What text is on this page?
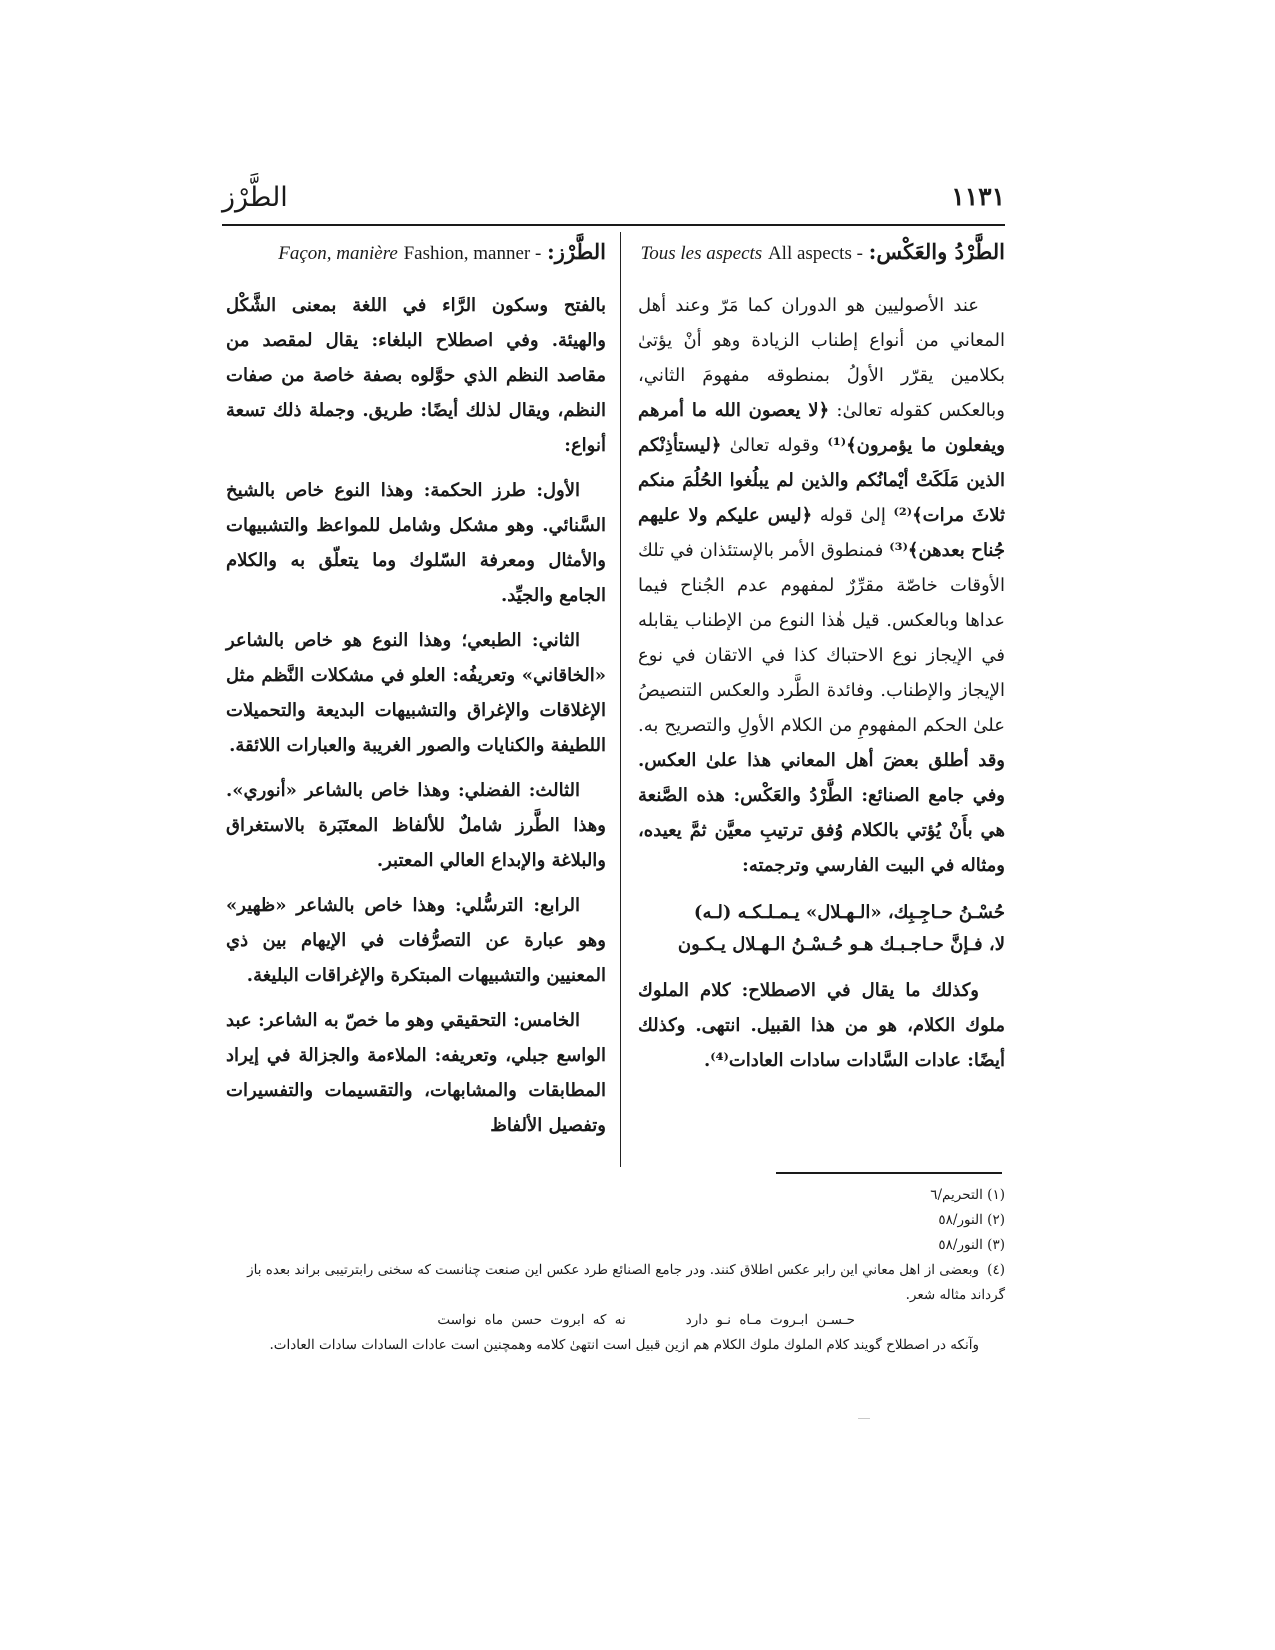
١١٣١
الطَّرْز
الطَّرْدُ والعَكْس: All aspects - Tous les aspects

عند الأصوليين هو الدوران كما مَرّ وعند أهل المعاني من أنواع إطناب الزيادة وهو أنْ يؤتىٰ بكلامين يقرّر الأولُ بمنطوقه مفهومَ الثاني، وبالعكس كقوله تعالىٰ: ﴿لا يعصون الله ما أمرهم ويفعلون ما يؤمرون﴾⁽¹⁾ وقوله تعالىٰ ﴿ليستأذِنْكم الذين مَلَكَتْ أيْمانُكم والذين لم يبلُغوا الحُلُمَ منكم ثلاثَ مرات﴾⁽²⁾ إلىٰ قوله ﴿ليس عليكم ولا عليهم جُناح بعدهن﴾⁽³⁾ فمنطوق الأمر بالإستئذان في تلك الأوقات خاصّة مقرِّرٌ لمفهوم عدم الجُناح فيما عداها وبالعكس. قيل هٰذا النوع من الإطناب يقابله في الإيجاز نوع الاحتباك كذا في الاتقان في نوع الإيجاز والإطناب. وفائدة الطَّرد والعكس التنصيصُ علىٰ الحكم المفهومِ من الكلام الأولِ والتصريح به. وقد أطلق بعضَ أهل المعاني هذا علىٰ العكس. وفي جامع الصنائع: الطَّرْدُ والعَكْس: هذه الصَّنعة هي بأَنْ يُؤتي بالكلام وُفق ترتيبِ معيَّن ثمَّ يعيده، ومثاله في البيت الفارسي وترجمته:

حُسْـنُ حـاجِـبِك، «الـهـلال» يـمـلـكـه (لـه)
لا، فـإنَّ حـاجـبـك هـو حُـسْـنُ الـهـلال يـكـون

وكذلك ما يقال في الاصطلاح: كلام الملوك ملوك الكلام، هو من هذا القبيل. انتهى. وكذلك أيضًا: عادات السَّادات سادات العادات⁽⁴⁾.

الطَّرْز: Fashion, manner - Façon, manière

بالفتح وسكون الرَّاء في اللغة بمعنى الشَّكْل والهيئة. وفي اصطلاح البلغاء: يقال لمقصد من مقاصد النظم الذي حوَّلوه بصفة خاصة من صفات النظم، ويقال لذلك أيضًا: طريق. وجملة ذلك تسعة أنواع:

الأول: طرز الحكمة: وهذا النوع خاص بالشيخ السَّنائي. وهو مشكل وشامل للمواعظ والتشبيهات والأمثال ومعرفة السّلوك وما يتعلّق به والكلام الجامع والجيِّد.

الثاني: الطبعي؛ وهذا النوع هو خاص بالشاعر «الخاقاني» وتعريفُه: العلو في مشكلات النَّظم مثل الإغلاقات والإغراق والتشبيهات البديعة والتحميلات اللطيفة والكنايات والصور الغريبة والعبارات اللائقة.

الثالث: الفضلي: وهذا خاص بالشاعر «أنوري». وهذا الطَّرز شاملٌ للألفاظ المعتَبَرة بالاستغراق والبلاغة والإبداع العالي المعتبر.

الرابع: الترسُّلي: وهذا خاص بالشاعر «ظهير» وهو عبارة عن التصرُّفات في الإيهام بين ذي المعنيين والتشبيهات المبتكرة والإغراقات البليغة.

الخامس: التحقيقي وهو ما خصّ به الشاعر: عبد الواسع جبلي، وتعريفه: الملاءمة والجزالة في إيراد المطابقات والمشابهات، والتقسيمات والتفسيرات وتفصيل الألفاظ

(١) التحريم/٦

(٢) النور/٥٨

(٣) النور/٥٨

(٤)وبعضى از اهل معاني اين رابر عكس اطلاق كنند. ودر جامع الصنائع طرد عكس اين صنعت چنانست كه سخنى رابترتيبى براند بعده باز گرداند مثاله شعر.

حـسـن ابـروت مـاه نـو داردنه كه ابروت حسن ماه نواست

وآنكه در اصطلاح گويند كلام الملوك ملوك الكلام هم ازين قبيل است انتهىٰ كلامه وهمچنين است عادات السادات سادات العادات.
